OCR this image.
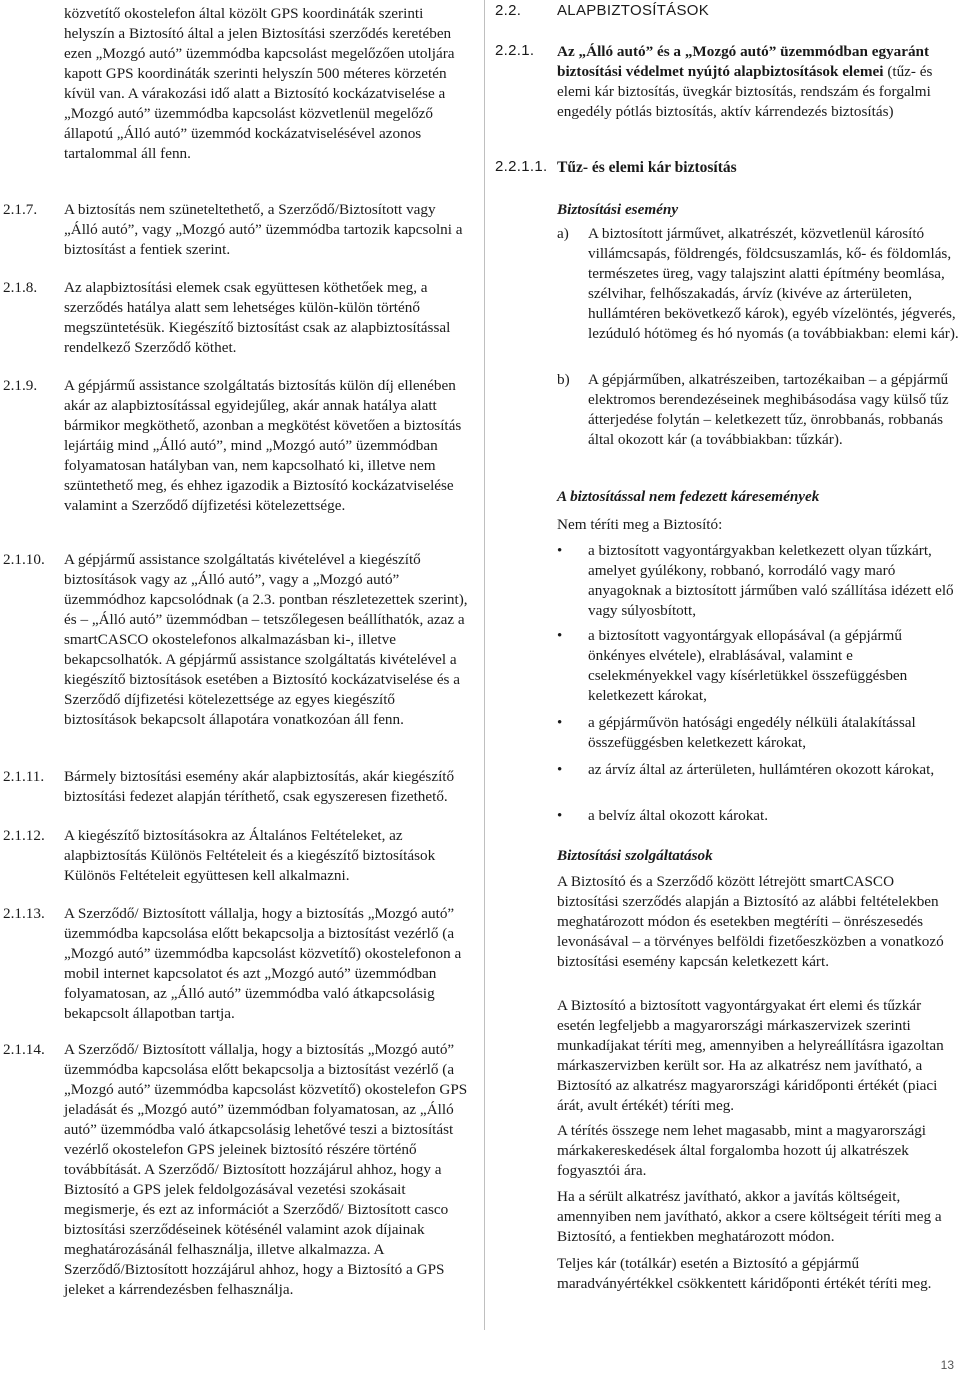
közvetítő okostelefon által közölt GPS koordináták szerinti helyszín a Biztosító által a jelen Biztosítási szerződés keretében ezen „Mozgó autó” üzemmódba kapcsolást megelőzően utoljára kapott GPS koordináták szerinti helyszín 500 méteres körzetén kívül van. A várakozási idő alatt a Biztosító kockázatviselése a „Mozgó autó” üzemmódba kapcsolást közvetlenül megelőző állapotú „Álló autó” üzemmód kockázatviselésével azonos tartalommal áll fenn.

2.1.7. A biztosítás nem szüneteltethető, a Szerződő/Biztosított vagy „Álló autó”, vagy „Mozgó autó” üzemmódba tartozik kapcsolni a biztosítást a fentiek szerint.
2.1.8. Az alapbiztosítási elemek csak együttesen köthetőek meg, a szerződés hatálya alatt sem lehetséges külön-külön történő megszüntetésük. Kiegészítő biztosítást csak az alapbiztosítással rendelkező Szerződő köthet.
2.1.9. A gépjármű assistance szolgáltatás biztosítás külön díj ellenében akár az alapbiztosítással egyidejűleg, akár annak hatálya alatt bármikor megköthető, azonban a megkötést követően a biztosítás lejártáig mind „Álló autó”, mind „Mozgó autó” üzemmódban folyamatosan hatályban van, nem kapcsolható ki, illetve nem szüntethető meg, és ehhez igazodik a Biztosító kockázatviselése valamint a Szerződő díjfizetési kötelezettsége.
2.1.10. A gépjármű assistance szolgáltatás kivételével a kiegészítő biztosítások vagy az „Álló autó”, vagy a „Mozgó autó” üzemmódhoz kapcsolódnak (a 2.3. pontban részletezettek szerint), és – „Álló autó” üzemmódban – tetszőlegesen beállíthatók, azaz a smartCASCO okostelefonos alkalmazásban ki-, illetve bekapcsolhatók. A gépjármű assistance szolgáltatás kivételével a kiegészítő biztosítások esetében a Biztosító kockázatviselése és a Szerződő díjfizetési kötelezettsége az egyes kiegészítő biztosítások bekapcsolt állapotára vonatkozóan áll fenn.
2.1.11. Bármely biztosítási esemény akár alapbiztosítás, akár kiegészítő biztosítási fedezet alapján téríthető, csak egyszeresen fizethető.
2.1.12. A kiegészítő biztosításokra az Általános Feltételeket, az alapbiztosítás Különös Feltételeit és a kiegészítő biztosítások Különös Feltételeit együttesen kell alkalmazni.
2.1.13. A Szerződő/ Biztosított vállalja, hogy a biztosítás „Mozgó autó” üzemmódba kapcsolása előtt bekapcsolja a biztosítást vezérlő (a „Mozgó autó” üzemmódba kapcsolást közvetítő) okostelefonon a mobil internet kapcsolatot és azt „Mozgó autó” üzemmódban folyamatosan, az „Álló autó” üzemmódba való átkapcsolásig bekapcsolt állapotban tartja.
2.1.14. A Szerződő/ Biztosított vállalja, hogy a biztosítás „Mozgó autó” üzemmódba kapcsolása előtt bekapcsolja a biztosítást vezérlő (a „Mozgó autó” üzemmódba kapcsolást közvetítő) okostelefon GPS jeladását és „Mozgó autó” üzemmódban folyamatosan, az „Álló autó” üzemmódba való átkapcsolásig lehetővé teszi a biztosítást vezérlő okostelefon GPS jeleinek biztosító részére történő továbbítását. A Szerződő/ Biztosított hozzájárul ahhoz, hogy a Biztosító a GPS jelek feldolgozásával vezetési szokásait megismerje, és ezt az információt a Szerződő/ Biztosított casco biztosítási szerződéseinek kötésénél valamint azok díjainak meghatározásánál felhasználja, illetve alkalmazza. A Szerződő/Biztosított hozzájárul ahhoz, hogy a Biztosító a GPS jeleket a kárrendezésben felhasználja.
2.2. ALAPBIZTOSÍTÁSOK
2.2.1. Az „Álló autó” és a „Mozgó autó” üzemmódban egyaránt biztosítási védelmet nyújtó alapbiztosítások elemei (tűz- és elemi kár biztosítás, üvegkár biztosítás, rendszám és forgalmi engedély pótlás biztosítás, aktív kárrendezés biztosítás)
2.2.1.1. Tűz- és elemi kár biztosítás
Biztosítási esemény
a) A biztosított járművet, alkatrészét, közvetlenül károsító villámcsapás, földrengés, földcsuszamlás, kő- és földomlás, természetes üreg, vagy talajszint alatti építmény beomlása, szélvihar, felhőszakadás, árvíz (kivéve az árterületen, hullámtéren bekövetkező károk), egyéb vízelöntés, jégverés, lezúduló hótömeg és hó nyomás (a továbbiakban: elemi kár).
b) A gépjárműben, alkatrészeiben, tartozékaiban – a gépjármű elektromos berendezéseinek meghibásodása vagy külső tűz átterjedése folytán – keletkezett tűz, önrobbanás, robbanás által okozott kár (a továbbiakban: tűzkár).
A biztosítással nem fedezett káresemények

Nem téríti meg a Biztosító:

• a biztosított vagyontárgyakban keletkezett olyan tűzkárt, amelyet gyúlékony, robbanó, korrodáló vagy maró anyagoknak a biztosított járműben való szállítása idézett elő vagy súlyosbított,
• a biztosított vagyontárgyak ellopásával (a gépjármű önkényes elvétele), elrablásával, valamint e cselekményekkel vagy kísérletükkel összefüggésben keletkezett károkat,
• a gépjárművön hatósági engedély nélküli átalakítással összefüggésben keletkezett károkat,
• az árvíz által az árterületen, hullámtéren okozott károkat,
• a belvíz által okozott károkat.
Biztosítási szolgáltatások

A Biztosító és a Szerződő között létrejött smartCASCO biztosítási szerződés alapján a Biztosító az alábbi feltételekben meghatározott módon és esetekben megtéríti – önrészesedés levonásával – a törvényes belföldi fizetőeszközben a vonatkozó biztosítási esemény kapcsán keletkezett kárt.

A Biztosító a biztosított vagyontárgyakat ért elemi és tűzkár esetén legfeljebb a magyarországi márkaszervizek szerinti munkadíjakat téríti meg, amennyiben a helyreállításra igazoltan márkaszervizben került sor. Ha az alkatrész nem javítható, a Biztosító az alkatrész magyarországi káridőponti értékét (piaci árát, avult értékét) téríti meg.

A térítés összege nem lehet magasabb, mint a magyarországi márkakereskedések által forgalomba hozott új alkatrészek fogyasztói ára.

Ha a sérült alkatrész javítható, akkor a javítás költségeit, amennyiben nem javítható, akkor a csere költségeit téríti meg a Biztosító, a fentiekben meghatározott módon.

Teljes kár (totálkár) esetén a Biztosító a gépjármű maradványértékkel csökkentett káridőponti értékét téríti meg.

13
